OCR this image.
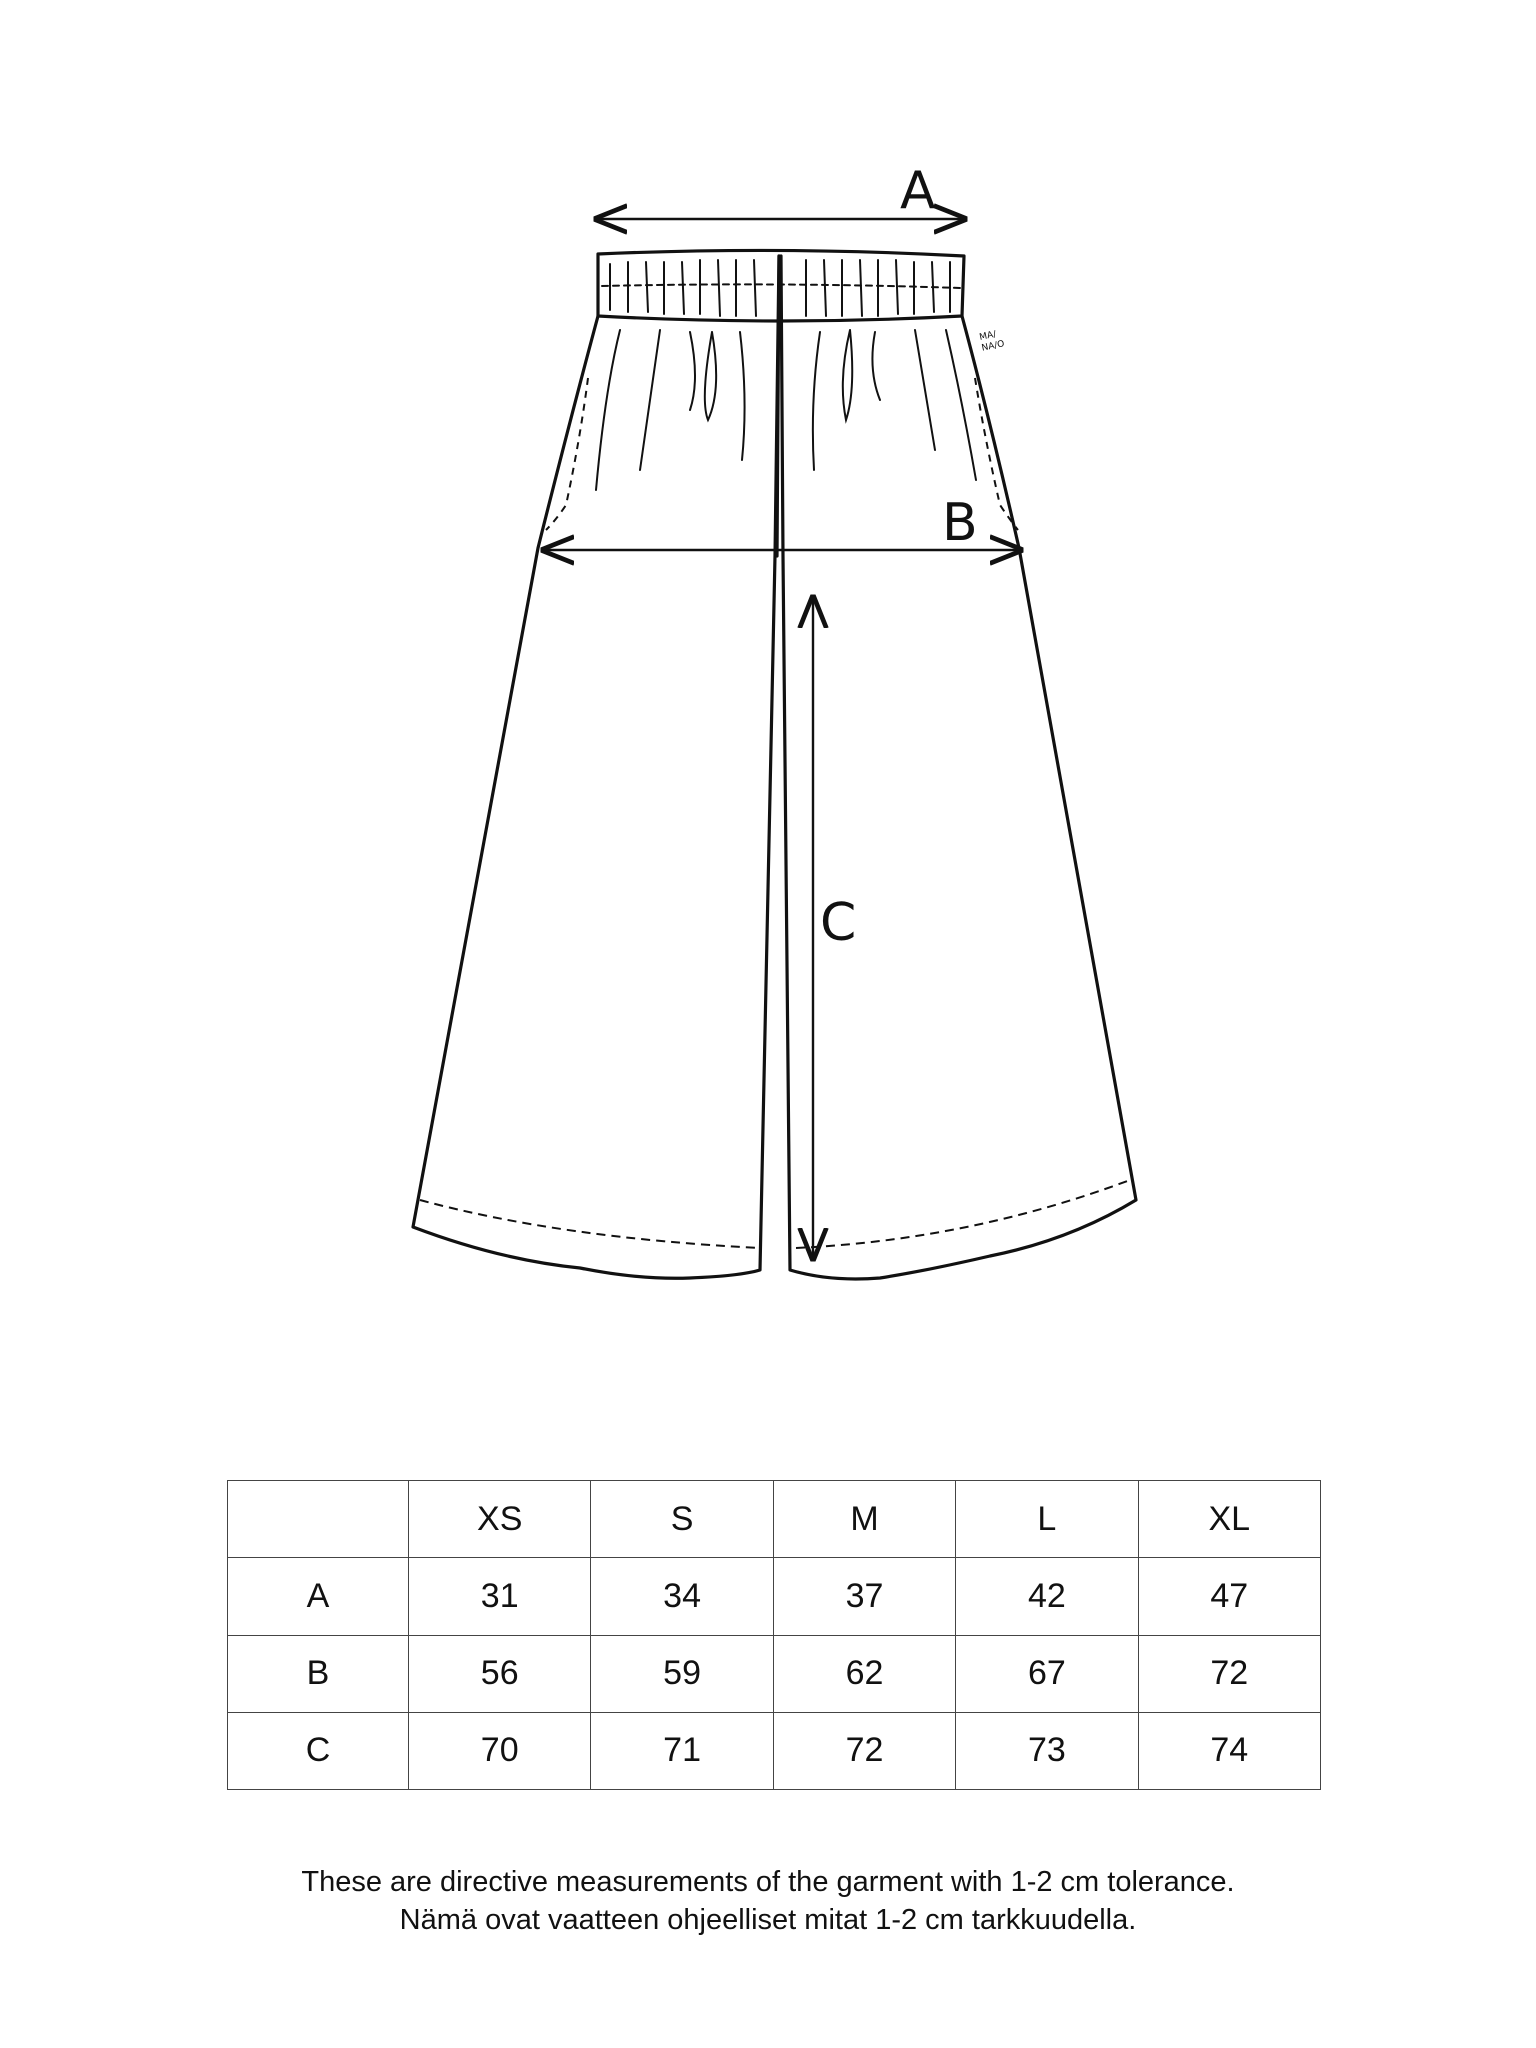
A
B
C
MA/
NA/O
	XS	S	M	L	XL
A	31	34	37	42	47
B	56	59	62	67	72
C	70	71	72	73	74
These are directive measurements of the garment with 1-2 cm tolerance.
Nämä ovat vaatteen ohjeelliset mitat 1-2 cm tarkkuudella.
